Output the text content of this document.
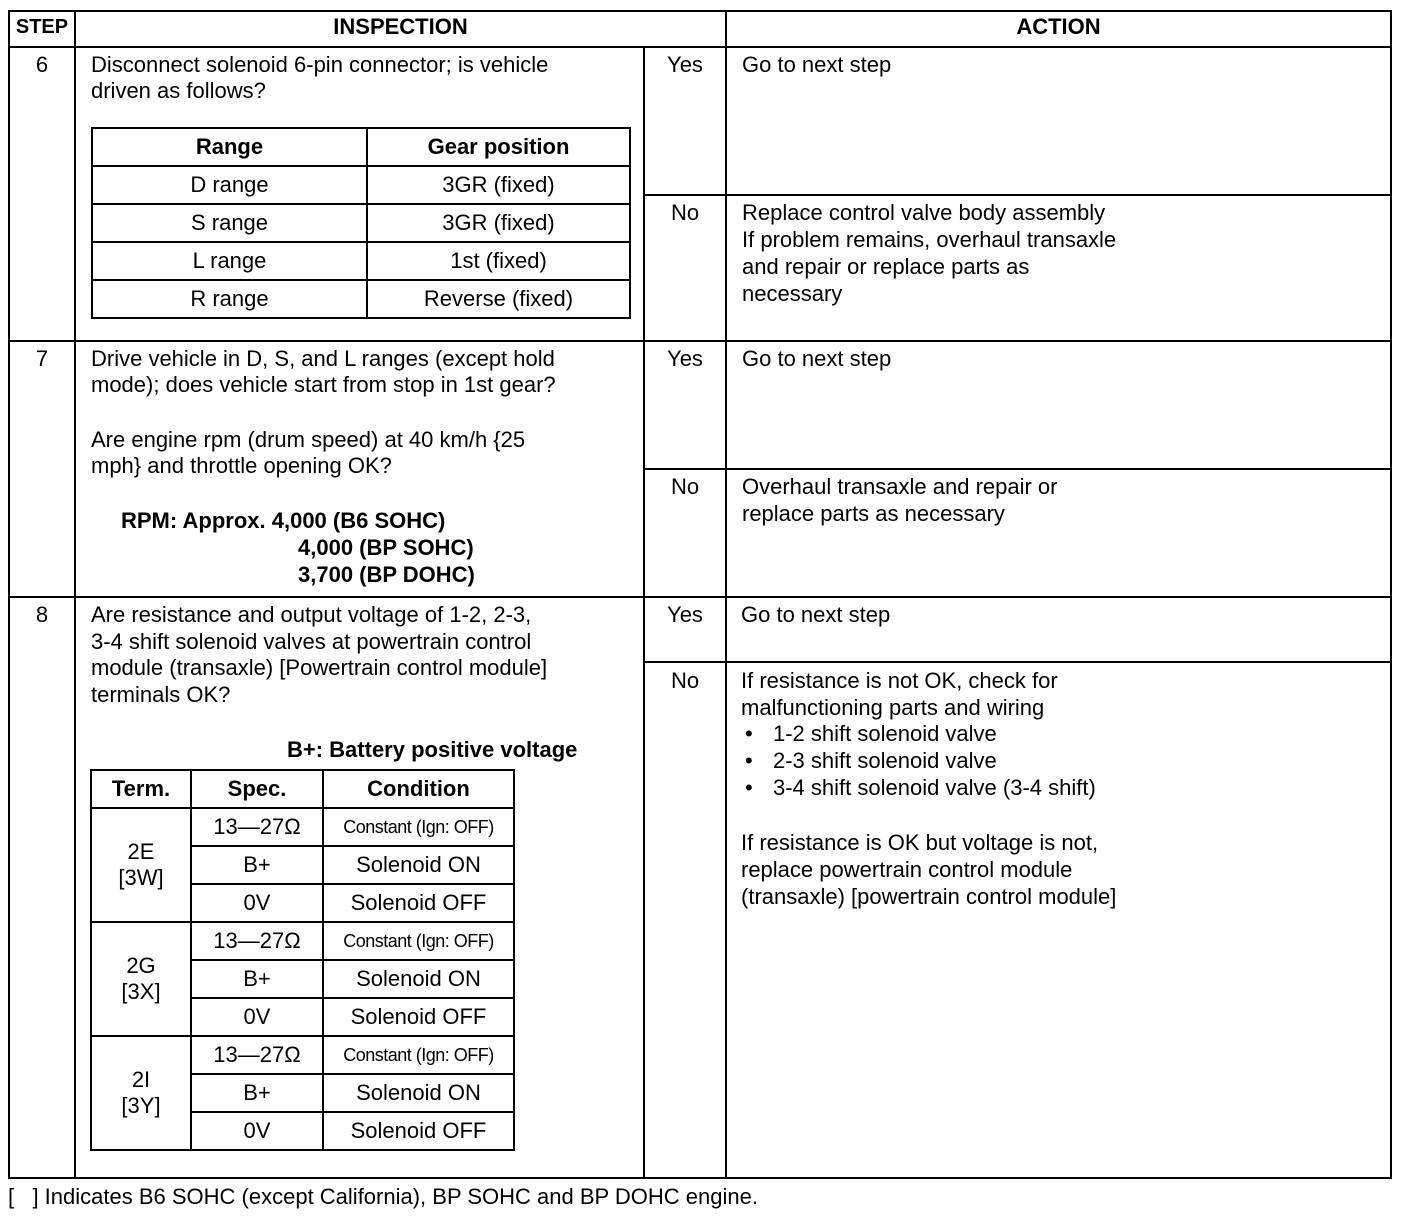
STEP	INSPECTION	ACTION
6	Disconnect solenoid 6-pin connector; is vehicle
driven as follows?
Range	Gear position
D range	3GR (fixed)
S range	3GR (fixed)
L range	1st (fixed)
R range	Reverse (fixed)
Yes	Go to next step
No	Replace control valve body assembly
If problem remains, overhaul transaxle
and repair or replace parts as
necessary
7	Drive vehicle in D, S, and L ranges (except hold
mode); does vehicle start from stop in 1st gear?
Are engine rpm (drum speed) at 40 km/h {25
mph} and throttle opening OK?
RPM: Approx. 4,000 (B6 SOHC)
4,000 (BP SOHC)
3,700 (BP DOHC)
Yes	Go to next step
No	Overhaul transaxle and repair or
replace parts as necessary
8	Are resistance and output voltage of 1-2, 2-3,
3-4 shift solenoid valves at powertrain control
module (transaxle) [Powertrain control module]
terminals OK?
B+: Battery positive voltage
Term.	Spec.	Condition

2E
[3W]	13—27Ω	Constant (Ign: OFF)
	B+	Solenoid ON
	0V	Solenoid OFF

2G
[3X]	13—27Ω	Constant (Ign: OFF)
	B+	Solenoid ON
	0V	Solenoid OFF

2I
[3Y]	13—27Ω	Constant (Ign: OFF)
	B+	Solenoid ON
	0V	Solenoid OFF
Yes	Go to next step
No	If resistance is not OK, check for
malfunctioning parts and wiring
• 1-2 shift solenoid valve
• 2-3 shift solenoid valve
• 3-4 shift solenoid valve (3-4 shift)
If resistance is OK but voltage is not,
replace powertrain control module
(transaxle) [powertrain control module]
[   ] Indicates B6 SOHC (except California), BP SOHC and BP DOHC engine.
